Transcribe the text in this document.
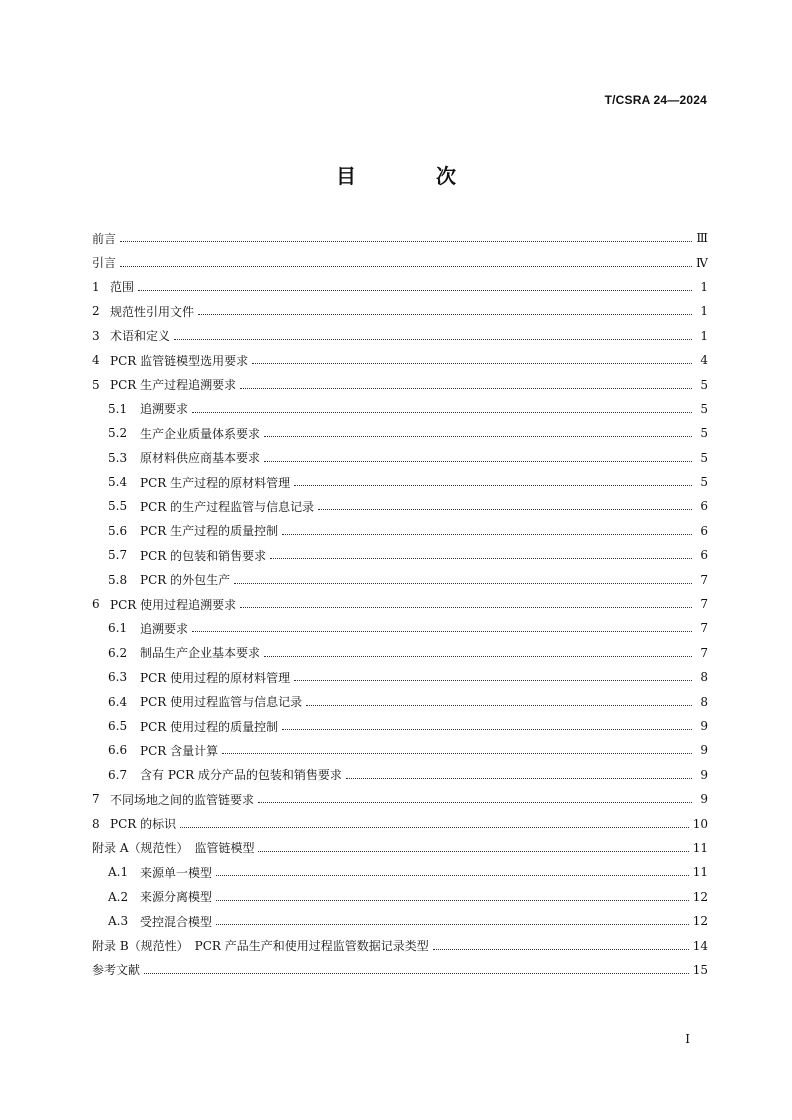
T/CSRA 24—2024
目　次
前言	Ⅲ
引言	Ⅳ
1 范围	1
2 规范性引用文件	1
3 术语和定义	1
4 PCR 监管链模型选用要求	4
5 PCR 生产过程追溯要求	5
5.1	追溯要求	5
5.2	生产企业质量体系要求	5
5.3	原材料供应商基本要求	5
5.4	PCR 生产过程的原材料管理	5
5.5	PCR 的生产过程监管与信息记录	6
5.6	PCR 生产过程的质量控制	6
5.7	PCR 的包装和销售要求	6
5.8	PCR 的外包生产	7
6 PCR 使用过程追溯要求	7
6.1	追溯要求	7
6.2	制品生产企业基本要求	7
6.3	PCR 使用过程的原材料管理	8
6.4	PCR 使用过程监管与信息记录	8
6.5	PCR 使用过程的质量控制	9
6.6	PCR 含量计算	9
6.7	含有 PCR 成分产品的包装和销售要求	9
7 不同场地之间的监管链要求	9
8 PCR 的标识	10
附录 A（规范性）　监管链模型	11
A.1 来源单一模型	11
A.2 来源分离模型	12
A.3 受控混合模型	12
附录 B（规范性）　PCR 产品生产和使用过程监管数据记录类型	14
参考文献	15
I
